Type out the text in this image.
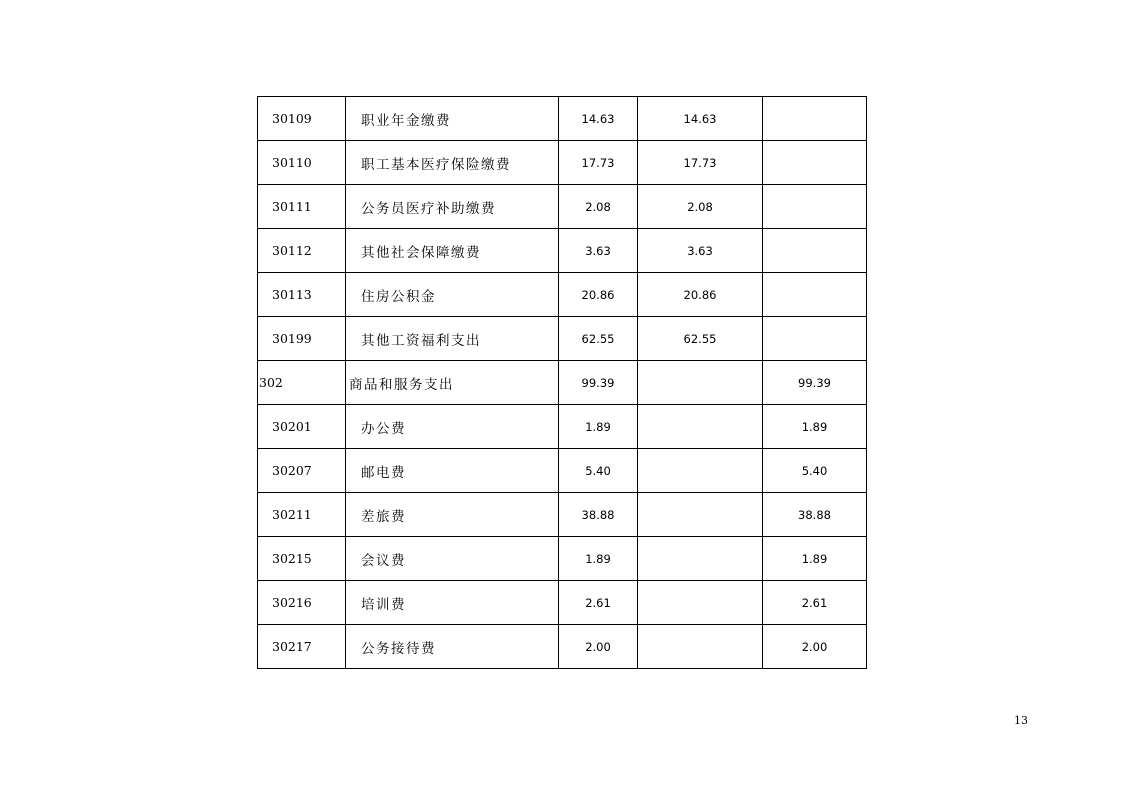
30109	职业年金缴费	14.63	14.63	
30110	职工基本医疗保险缴费	17.73	17.73	
30111	公务员医疗补助缴费	2.08	2.08	
30112	其他社会保障缴费	3.63	3.63	
30113	住房公积金	20.86	20.86	
30199	其他工资福利支出	62.55	62.55	
302	商品和服务支出	99.39		99.39
30201	办公费	1.89		1.89
30207	邮电费	5.40		5.40
30211	差旅费	38.88		38.88
30215	会议费	1.89		1.89
30216	培训费	2.61		2.61
30217	公务接待费	2.00		2.00
13
